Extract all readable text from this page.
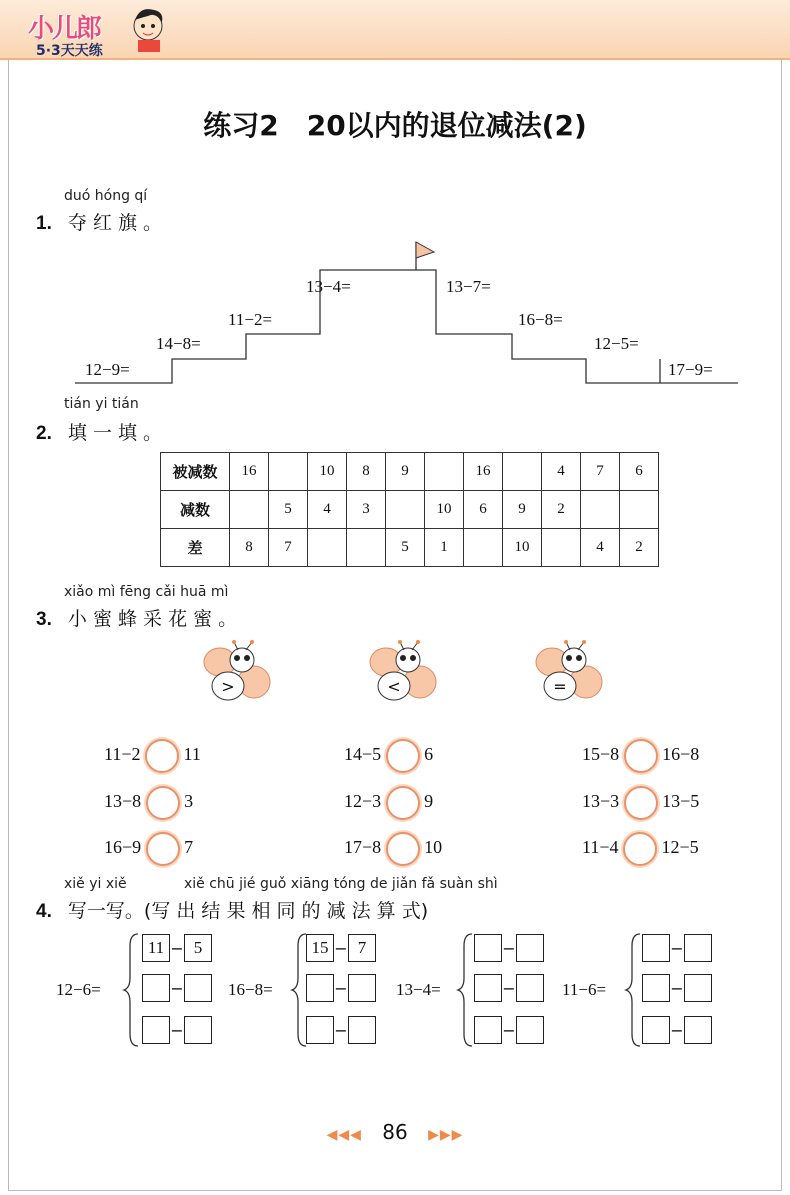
小儿郎
5·3天天练
练习2　20以内的退位减法(2)
duó hóng qí
1. 夺 红 旗 。
12−9=
14−8=
11−2=
13−4=	13−7=
16−8=
12−5=
17−9=
tián yi tián
2. 填 一 填 。
被减数	16		10	8	9		16		4	7	6
减数		5	4	3		10	6	9	2		
差	8	7			5	1		10		4	2
xiǎo mì fēng cǎi huā mì
3. 小 蜜 蜂 采 花 蜜 。
>	<	=
11−2 11	14−5 6	15−8 16−8
13−8 3	12−3 9	13−3 13−5
16−9 7	17−8 10	11−4 12−5
xiě yi xiě	xiě chū jié guǒ xiāng tóng de jiǎn fǎ suàn shì
4. 写一写。(写 出 结 果 相 同 的 减 法 算 式)
12−6=
11 − 5
−
−
16−8=
15 − 7
−
−
13−4=
−
−
−
11−6=
−
−
−
◀◀◀ 86 ▶▶▶
